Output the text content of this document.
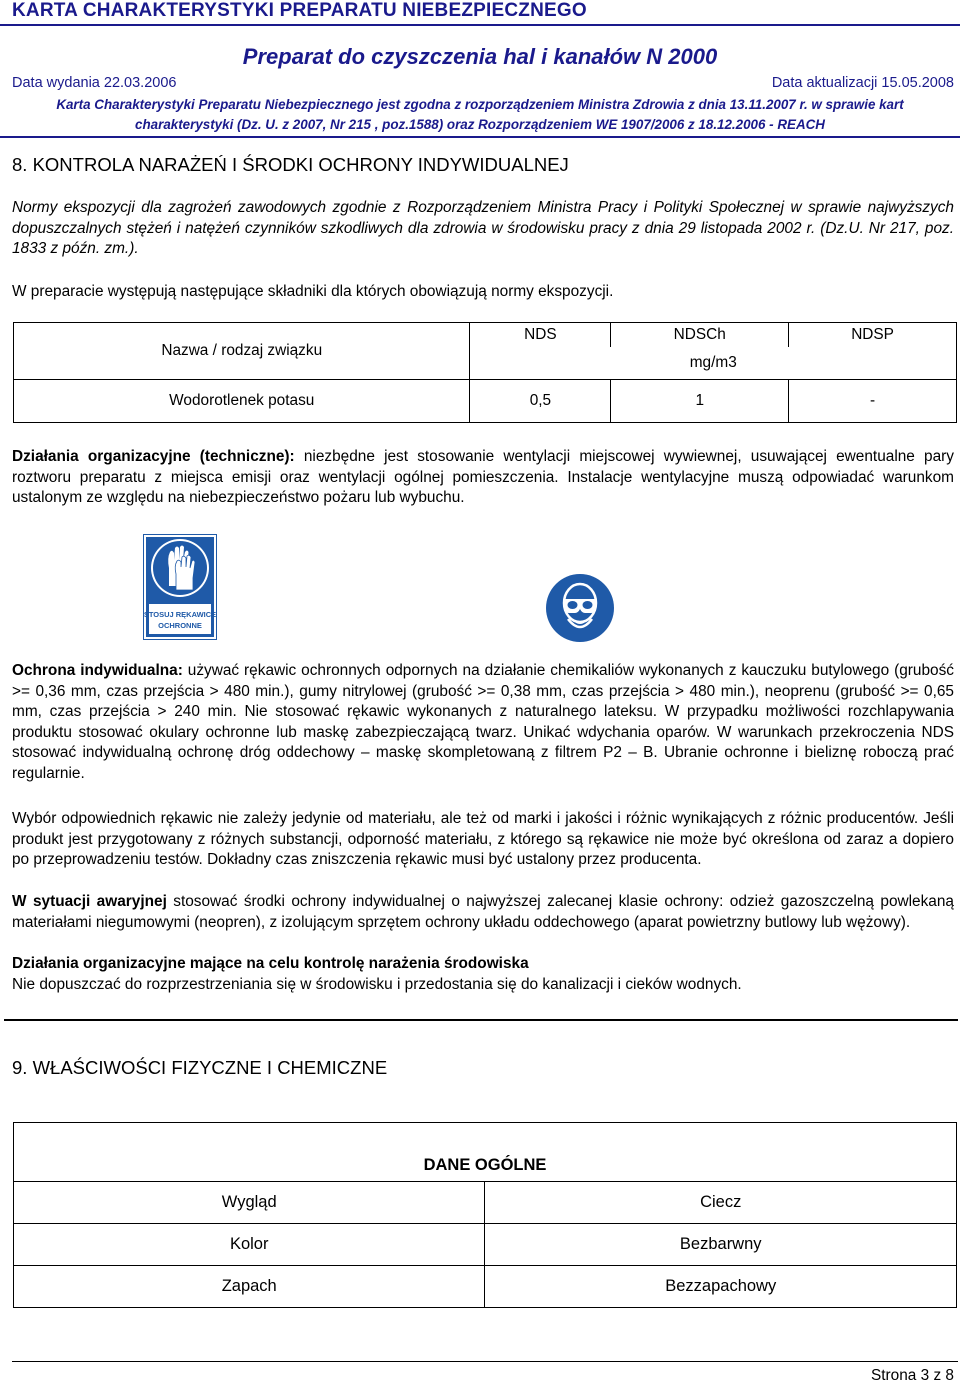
KARTA CHARAKTERYSTYKI PREPARATU NIEBEZPIECZNEGO
Preparat do czyszczenia hal i kanałów N 2000
Data wydania 22.03.2006	Data aktualizacji 15.05.2008
Karta Charakterystyki Preparatu Niebezpiecznego jest zgodna z rozporządzeniem Ministra Zdrowia z dnia 13.11.2007 r. w sprawie kart
charakterystyki (Dz. U. z 2007, Nr 215 , poz.1588) oraz Rozporządzeniem WE 1907/2006 z 18.12.2006 - REACH
8. KONTROLA NARAŻEŃ I ŚRODKI OCHRONY INDYWIDUALNEJ
Normy ekspozycji dla zagrożeń zawodowych zgodnie z Rozporządzeniem Ministra Pracy i Polityki Społecznej w sprawie najwyższych dopuszczalnych stężeń i natężeń czynników szkodliwych dla zdrowia w środowisku pracy z dnia 29 listopada 2002 r. (Dz.U. Nr 217, poz. 1833 z późn. zm.).
W preparacie występują następujące składniki dla których obowiązują normy ekspozycji.
Nazwa / rodzaj związku	NDS	NDSCh	NDSP
	mg/m3		
Wodorotlenek potasu	0,5	1	-
Działania organizacyjne (techniczne): niezbędne jest stosowanie wentylacji miejscowej wywiewnej, usuwającej ewentualne pary roztworu preparatu z miejsca emisji oraz wentylacji ogólnej pomieszczenia. Instalacje wentylacyjne muszą odpowiadać warunkom ustalonym ze względu na niebezpieczeństwo pożaru lub wybuchu.
STOSUJ RĘKAWICE
OCHRONNE
Ochrona indywidualna: używać rękawic ochronnych odpornych na działanie chemikaliów wykonanych z kauczuku butylowego (grubość >= 0,36 mm, czas przejścia > 480 min.), gumy nitrylowej (grubość >= 0,38 mm, czas przejścia > 480 min.), neoprenu (grubość >= 0,65 mm, czas przejścia > 240 min. Nie stosować rękawic wykonanych z naturalnego lateksu. W przypadku możliwości rozchlapywania produktu stosować okulary ochronne lub maskę zabezpieczającą twarz. Unikać wdychania oparów. W warunkach przekroczenia NDS stosować indywidualną ochronę dróg oddechowy – maskę skompletowaną z filtrem P2 – B. Ubranie ochronne i bieliznę roboczą prać regularnie.
Wybór odpowiednich rękawic nie zależy jedynie od materiału, ale też od marki i jakości i różnic wynikających z różnic producentów. Jeśli produkt jest przygotowany z różnych substancji, odporność materiału, z którego są rękawice nie może być określona od zaraz a dopiero po przeprowadzeniu testów. Dokładny czas zniszczenia rękawic musi być ustalony przez producenta.
W sytuacji awaryjnej stosować środki ochrony indywidualnej o najwyższej zalecanej klasie ochrony: odzież gazoszczelną powlekaną materiałami niegumowymi (neopren), z izolującym sprzętem ochrony układu oddechowego (aparat powietrzny butlowy lub wężowy).
Działania organizacyjne mające na celu kontrolę narażenia środowiska
Nie dopuszczać do rozprzestrzeniania się w środowisku i przedostania się do kanalizacji i cieków wodnych.
9. WŁAŚCIWOŚCI FIZYCZNE I CHEMICZNE
DANE OGÓLNE	
Wygląd	Ciecz
Kolor	Bezbarwny
Zapach	Bezzapachowy
Strona 3 z 8
